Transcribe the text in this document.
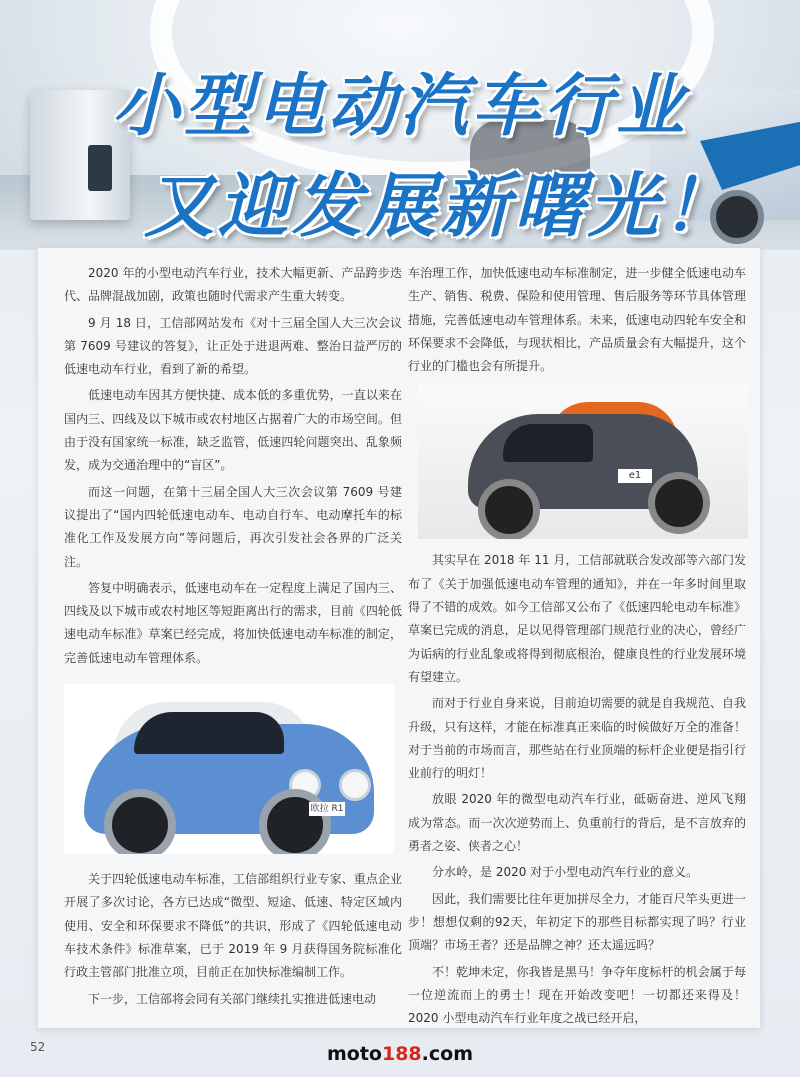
小型电动汽车行业
又迎发展新曙光！

2020 年的小型电动汽车行业，技术大幅更新、产品跨步迭代、品牌混战加剧，政策也随时代需求产生重大转变。

9 月 18 日，工信部网站发布《对十三届全国人大三次会议第 7609 号建议的答复》，让正处于进退两难、整治日益严厉的低速电动车行业，看到了新的希望。

低速电动车因其方便快捷、成本低的多重优势，一直以来在国内三、四线及以下城市或农村地区占据着广大的市场空间。但由于没有国家统一标准，缺乏监管，低速四轮问题突出、乱象频发，成为交通治理中的“盲区”。

而这一问题，在第十三届全国人大三次会议第 7609 号建议提出了“国内四轮低速电动车、电动自行车、电动摩托车的标准化工作及发展方向”等问题后，再次引发社会各界的广泛关注。

答复中明确表示，低速电动车在一定程度上满足了国内三、四线及以下城市或农村地区等短距离出行的需求，目前《四轮低速电动车标准》草案已经完成，将加快低速电动车标准的制定，完善低速电动车管理体系。

欧拉 R1

关于四轮低速电动车标准，工信部组织行业专家、重点企业开展了多次讨论，各方已达成“微型、短途、低速、特定区域内使用、安全和环保要求不降低”的共识，形成了《四轮低速电动车技术条件》标准草案，已于 2019 年 9 月获得国务院标准化行政主管部门批准立项，目前正在加快标准编制工作。

下一步，工信部将会同有关部门继续扎实推进低速电动

车治理工作，加快低速电动车标准制定，进一步健全低速电动车生产、销售、税费、保险和使用管理、售后服务等环节具体管理措施，完善低速电动车管理体系。未来，低速电动四轮车安全和环保要求不会降低，与现状相比，产品质量会有大幅提升，这个行业的门槛也会有所提升。

e1

其实早在 2018 年 11 月，工信部就联合发改部等六部门发布了《关于加强低速电动车管理的通知》，并在一年多时间里取得了不错的成效。如今工信部又公布了《低速四轮电动车标准》草案已完成的消息，足以见得管理部门规范行业的决心，曾经广为诟病的行业乱象或将得到彻底根治，健康良性的行业发展环境有望建立。

而对于行业自身来说，目前迫切需要的就是自我规范、自我升级，只有这样，才能在标准真正来临的时候做好万全的准备！对于当前的市场而言，那些站在行业顶端的标杆企业便是指引行业前行的明灯！

放眼 2020 年的微型电动汽车行业，砥砺奋进、逆风飞翔成为常态。而一次次逆势而上、负重前行的背后，是不言放弃的勇者之姿、侠者之心！

分水岭，是 2020 对于小型电动汽车行业的意义。

因此，我们需要比往年更加拼尽全力，才能百尺竿头更进一步！想想仅剩的92天，年初定下的那些目标都实现了吗？行业顶端？市场王者？还是品牌之神？还太遥远吗？

不！乾坤未定，你我皆是黑马！争夺年度标杆的机会属于每一位逆流而上的勇士！现在开始改变吧！一切都还来得及！ 2020 小型电动汽车行业年度之战已经开启，

52	moto188.com
